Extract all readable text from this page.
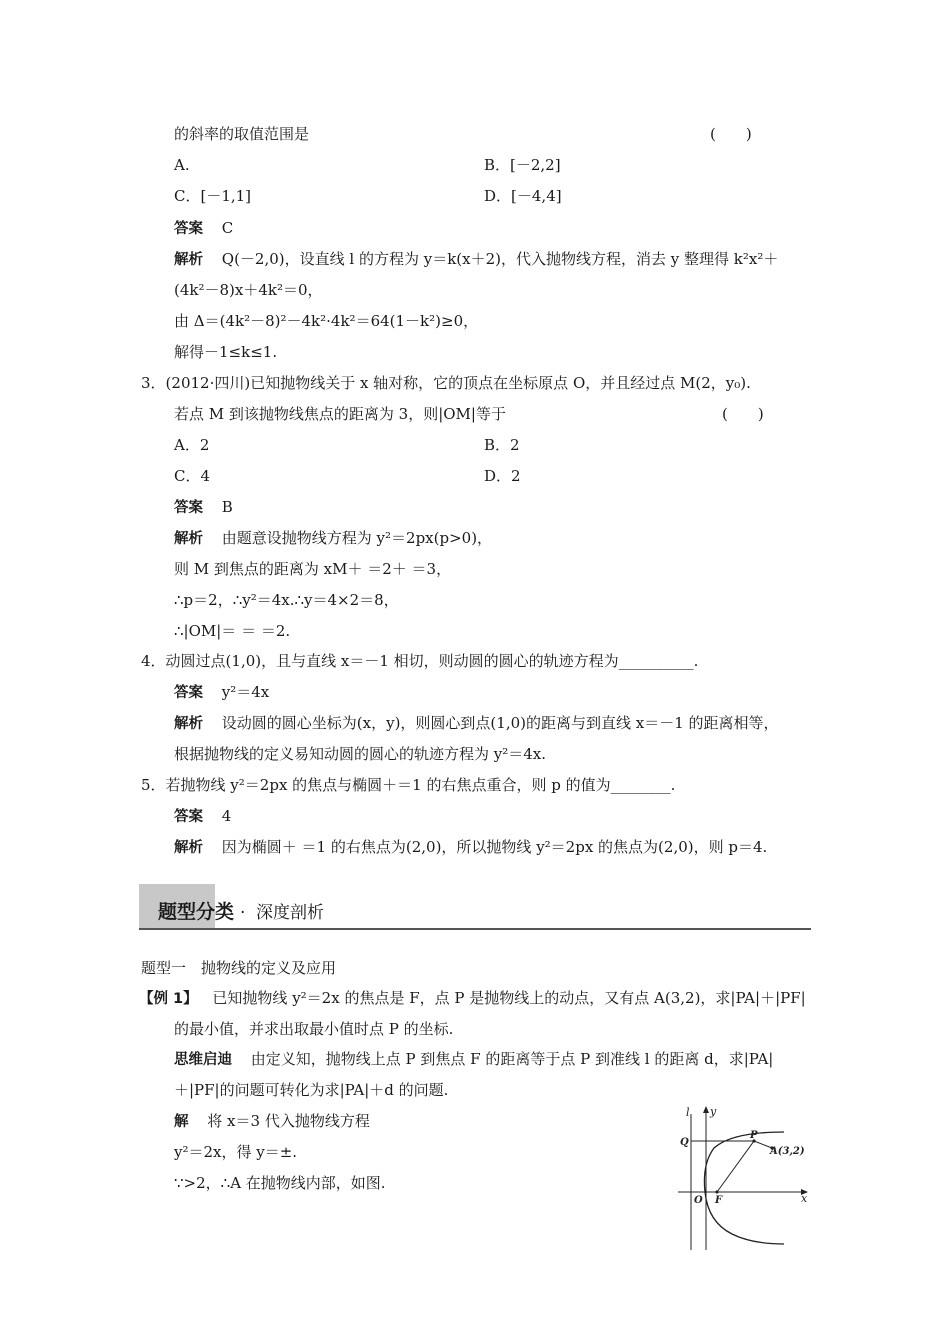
的斜率的取值范围是	(　　)
A.	B．[－2,2]
C．[－1,1]	D．[－4,4]
答案 C
解析 Q(－2,0)，设直线 l 的方程为 y＝k(x＋2)，代入抛物线方程，消去 y 整理得 k²x²＋
(4k²－8)x＋4k²＝0，
由 Δ＝(4k²－8)²－4k²·4k²＝64(1－k²)≥0，
解得－1≤k≤1.
3．(2012·四川)已知抛物线关于 x 轴对称，它的顶点在坐标原点 O，并且经过点 M(2，y₀).
若点 M 到该抛物线焦点的距离为 3，则|OM|等于	(　　)
A．2	B．2
C．4	D．2
答案 B
解析 由题意设抛物线方程为 y²＝2px(p>0)，
则 M 到焦点的距离为 xM＋ ＝2＋ ＝3，
∴p＝2，∴y²＝4x.∴y＝4×2＝8，
∴|OM|＝ ＝ ＝2.
4．动圆过点(1,0)，且与直线 x＝－1 相切，则动圆的圆心的轨迹方程为__________.
答案 y²＝4x
解析 设动圆的圆心坐标为(x，y)，则圆心到点(1,0)的距离与到直线 x＝－1 的距离相等，
根据抛物线的定义易知动圆的圆心的轨迹方程为 y²＝4x.
5．若抛物线 y²＝2px 的焦点与椭圆＋＝1 的右焦点重合，则 p 的值为________.
答案 4
解析 因为椭圆＋ ＝1 的右焦点为(2,0)，所以抛物线 y²＝2px 的焦点为(2,0)，则 p＝4.
题型分类 · 深度剖析
题型一　抛物线的定义及应用
【例 1】 已知抛物线 y²＝2x 的焦点是 F，点 P 是抛物线上的动点，又有点 A(3,2)，求|PA|＋|PF|
的最小值，并求出取最小值时点 P 的坐标.
思维启迪 由定义知，抛物线上点 P 到焦点 F 的距离等于点 P 到准线 l 的距离 d，求|PA|
＋|PF|的问题可转化为求|PA|＋d 的问题.
解 将 x＝3 代入抛物线方程
y²＝2x，得 y＝±.
∵>2，∴A 在抛物线内部，如图.
l y
Q
P
A(3,2)
O F	x
